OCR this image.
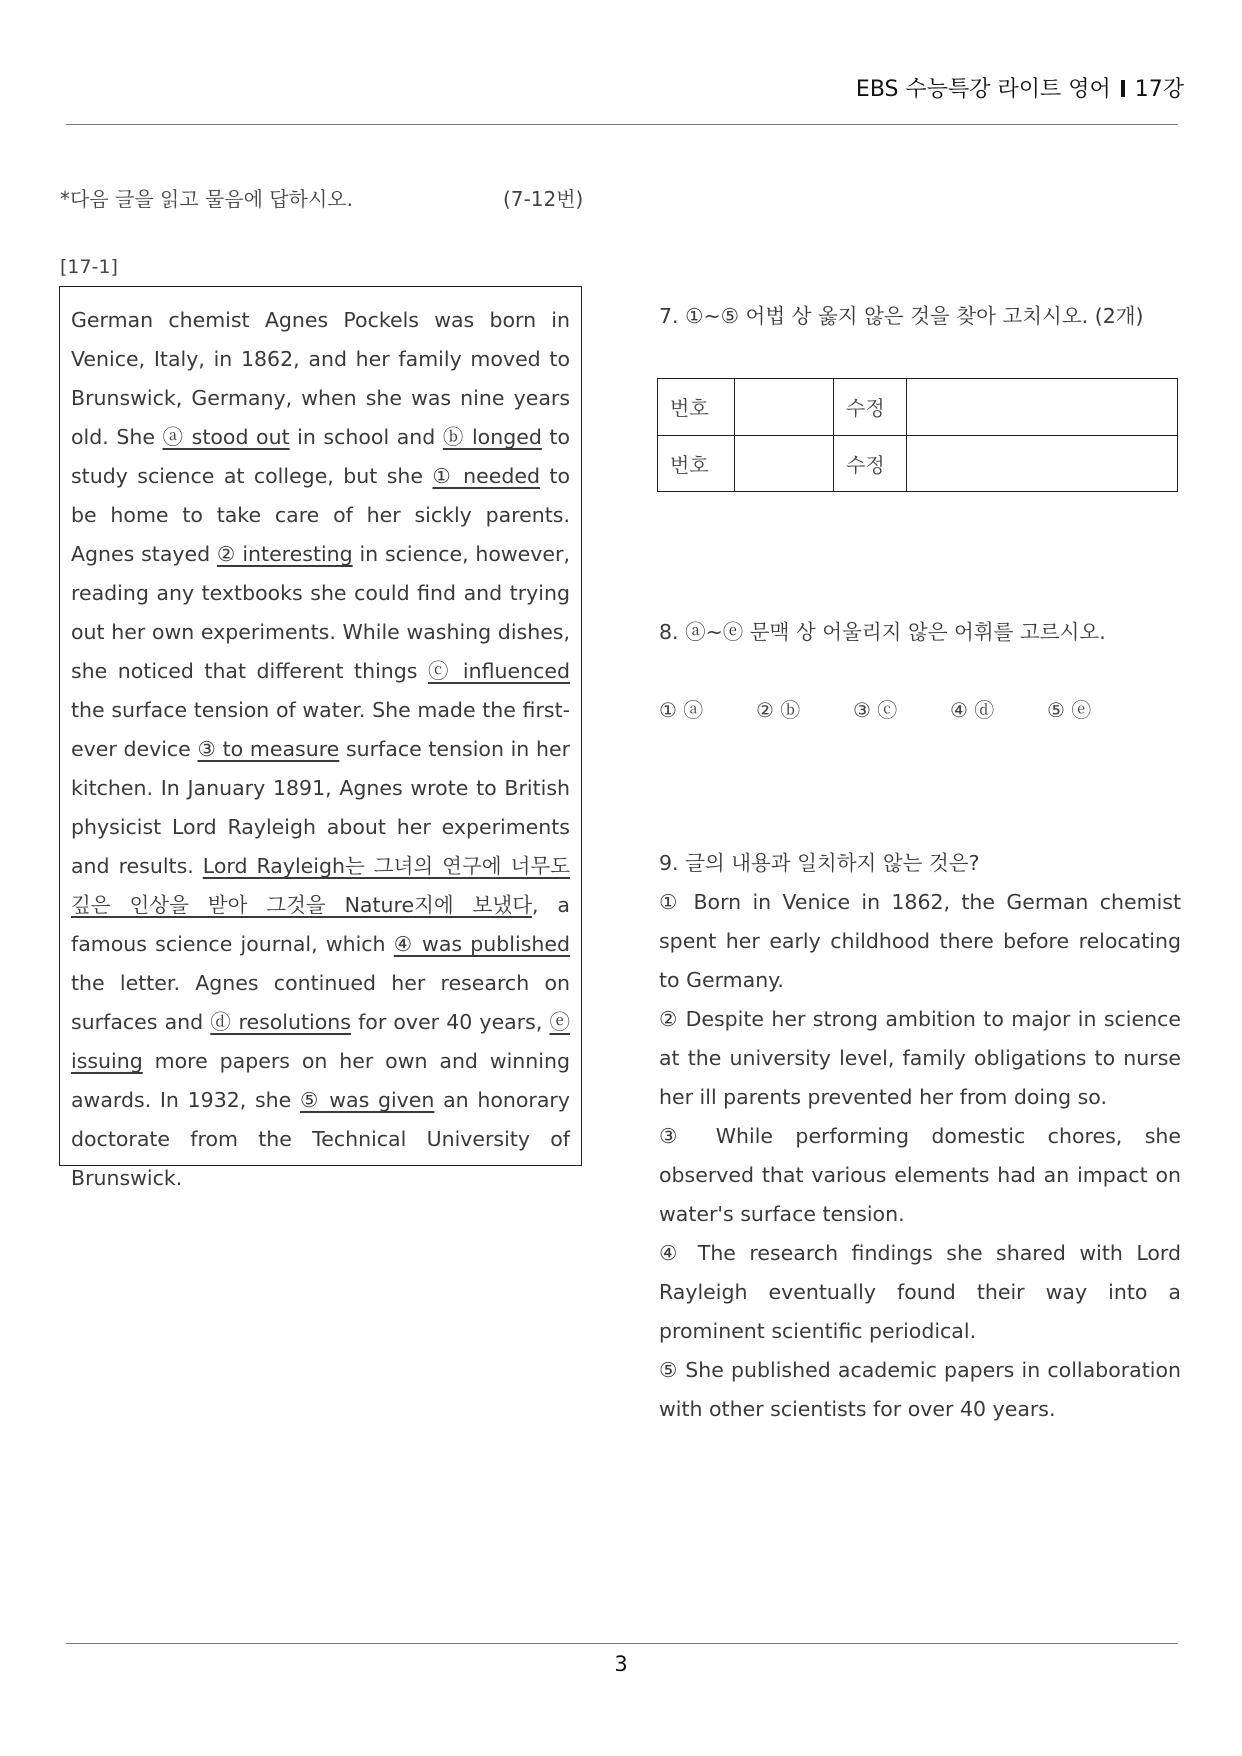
EBS 수능특강 라이트 영어 17강
*다음 글을 읽고 물음에 답하시오.	(7-12번)
[17-1]
German chemist Agnes Pockels was born in Venice, Italy, in 1862, and her family moved to Brunswick, Germany, when she was nine years old. She ⓐ stood out in school and ⓑ longed to study science at college, but she ① needed to be home to take care of her sickly parents. Agnes stayed ② interesting in science, however, reading any textbooks she could find and trying out her own experiments. While washing dishes, she noticed that different things ⓒ influenced the surface tension of water. She made the first-ever device ③ to measure surface tension in her kitchen. In January 1891, Agnes wrote to British physicist Lord Rayleigh about her experiments and results. Lord Rayleigh는 그녀의 연구에 너무도 깊은 인상을 받아 그것을 Nature지에 보냈다, a famous science journal, which ④ was published the letter. Agnes continued her research on surfaces and ⓓ resolutions for over 40 years, ⓔ issuing more papers on her own and winning awards. In 1932, she ⑤ was given an honorary doctorate from the Technical University of Brunswick.
7. ①~⑤ 어법 상 옳지 않은 것을 찾아 고치시오. (2개)
번호		수정	
번호		수정	
8. ⓐ~ⓔ 문맥 상 어울리지 않은 어휘를 고르시오.
① ⓐ	② ⓑ	③ ⓒ	④ ⓓ	⑤ ⓔ
9. 글의 내용과 일치하지 않는 것은?
① Born in Venice in 1862, the German chemist spent her early childhood there before relocating to Germany.
② Despite her strong ambition to major in science at the university level, family obligations to nurse her ill parents prevented her from doing so.
③ While performing domestic chores, she observed that various elements had an impact on water's surface tension.
④ The research findings she shared with Lord Rayleigh eventually found their way into a prominent scientific periodical.
⑤ She published academic papers in collaboration with other scientists for over 40 years.
3
